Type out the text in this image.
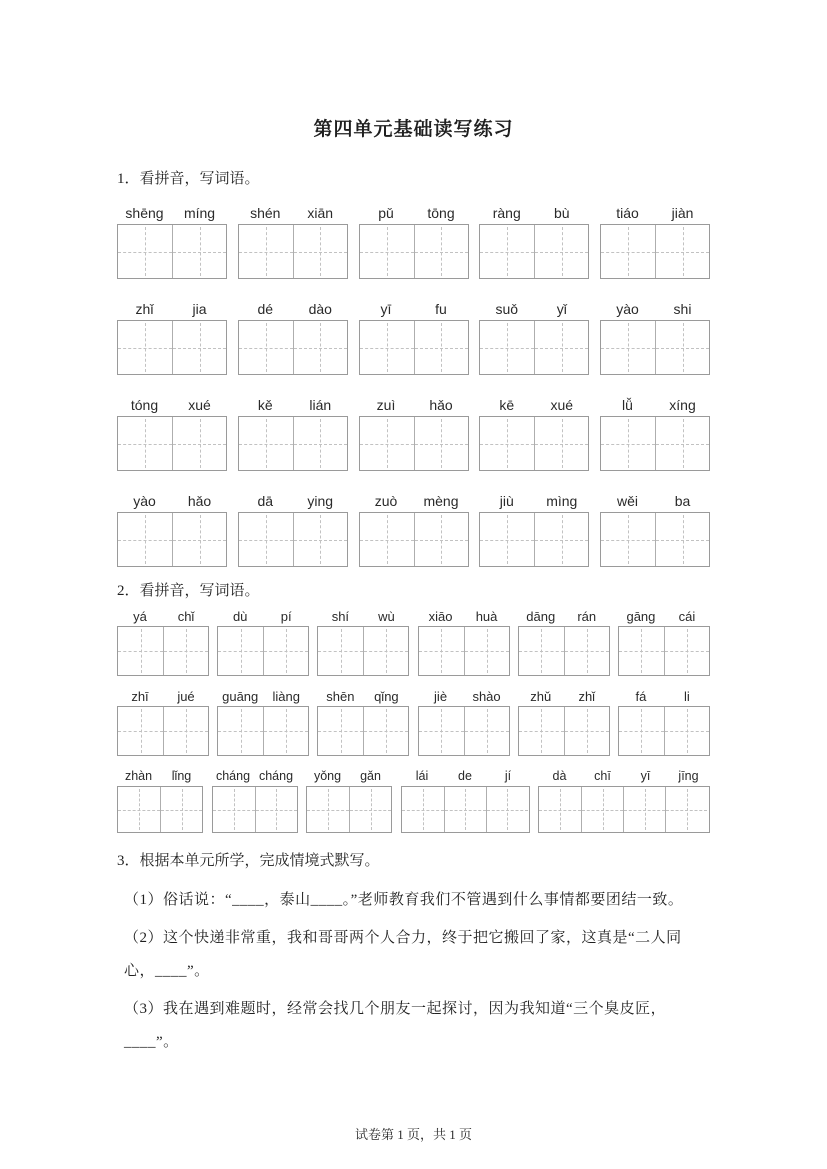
第四单元基础读写练习
1．看拼音，写词语。
shēng	míng	shén	xiān	pǔ	tōng	ràng	bù	tiáo	jiàn
zhǐ	jia	dé	dào	yī	fu	suǒ	yǐ	yào	shi
tóng	xué	kě	lián	zuì	hǎo	kē	xué	lǚ	xíng
yào	hǎo	dā	ying	zuò	mèng	jiù	mìng	wěi	ba
2．看拼音，写词语。
yá	chǐ	dù	pí	shí	wù	xiāo	huà	dāng	rán	gāng	cái
zhī	jué	guāng	liàng	shēn	qǐng	jiè	shào	zhǔ	zhǐ	fá	li
zhàn	lǐng	cháng cháng	yǒng	gǎn	lái	de	jí	dà	chī	yī	jīng
3．根据本单元所学，完成情境式默写。
（1）俗话说：“____，泰山____。”老师教育我们不管遇到什么事情都要团结一致。
（2）这个快递非常重，我和哥哥两个人合力，终于把它搬回了家，这真是“二人同心，____”。
（3）我在遇到难题时，经常会找几个朋友一起探讨，因为我知道“三个臭皮匠，____”。
试卷第 1 页，共 1 页
